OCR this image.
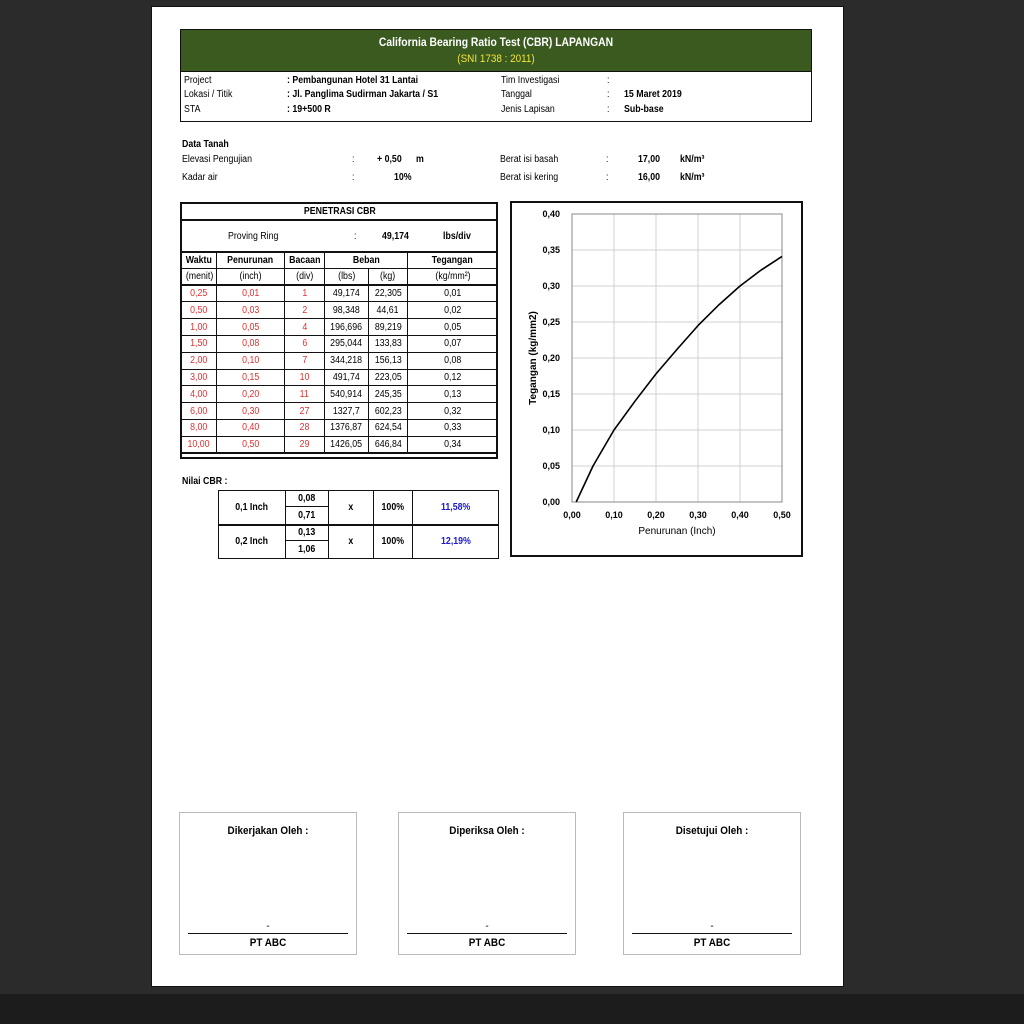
California Bearing Ratio Test (CBR) LAPANGAN
(SNI 1738 : 2011)
Project	: Pembangunan Hotel 31 Lantai
Lokasi / Titik	: Jl. Panglima Sudirman Jakarta / S1
STA	: 19+500 R
Tim Investigasi	:
Tanggal	: 15 Maret 2019
Jenis Lapisan	: Sub-base
Data Tanah
Elevasi Pengujian	: + 0,50 m
Kadar air	:	10%
Berat isi basah	:	17,00 kN/m³
Berat isi kering	:	16,00 kN/m³
PENETRASI CBR					

Proving Ring : 49,174 lbs/div					

Waktu	Penurunan	Bacaan	Beban		Tegangan
(menit)	(inch)	(div)	(lbs)	(kg)	(kg/mm²)
0,25	0,01	1	49,174	22,305	0,01
0,50	0,03	2	98,348	44,61	0,02
1,00	0,05	4	196,696	89,219	0,05
1,50	0,08	6	295,044	133,83	0,07
2,00	0,10	7	344,218	156,13	0,08
3,00	0,15	10	491,74	223,05	0,12
4,00	0,20	11	540,914	245,35	0,13
6,00	0,30	27	1327,7	602,23	0,32
8,00	0,40	28	1376,87	624,54	0,33
10,00	0,50	29	1426,05	646,84	0,34
Nilai CBR :
0,1 Inch	0,08	x	100%	11,58%
	0,71			
0,2 Inch	0,13	x	100%	12,19%
	1,06			
0,00	0,10	0,20	0,30	0,40	0,50
0,00
0,05
0,10
0,15
0,20
0,25
0,30
0,35
0,40
Penurunan (Inch)
Tegangan (kg/mm2)
Dikerjakan Oleh :
-
PT ABC
Diperiksa Oleh :
-
PT ABC
Disetujui Oleh :
-
PT ABC
